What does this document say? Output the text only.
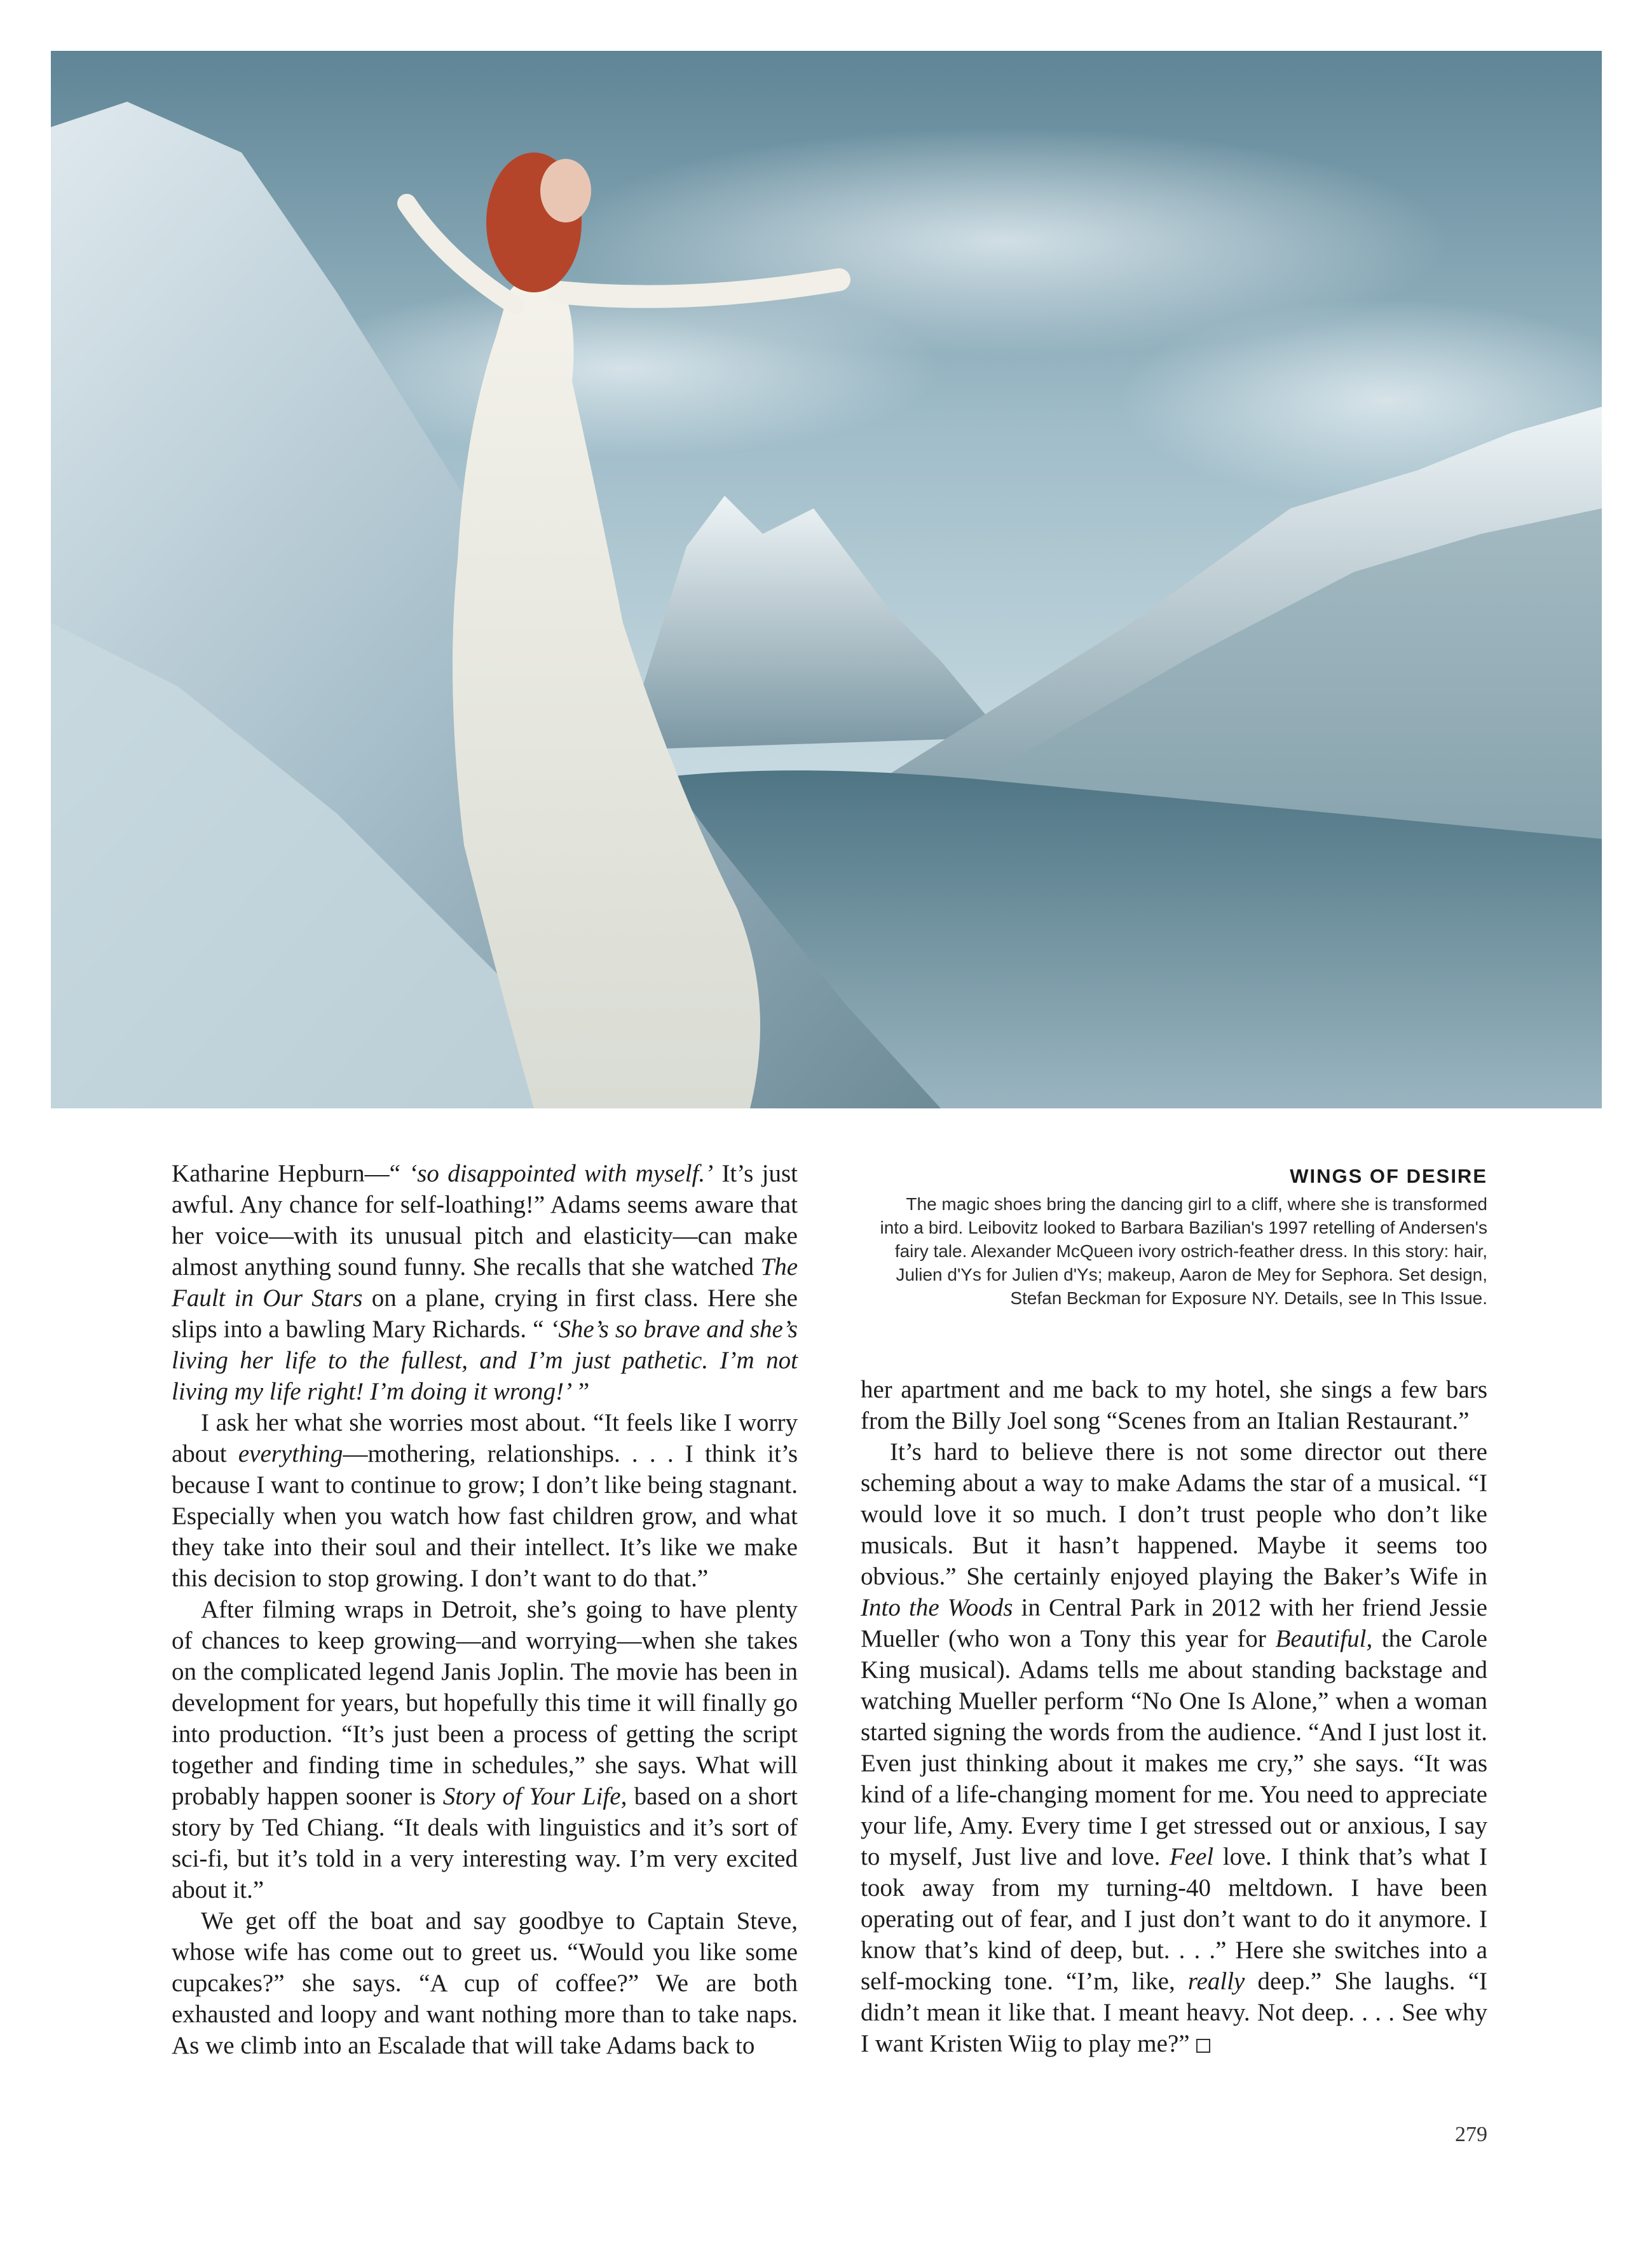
Katharine Hepburn—“ ‘so disappointed with myself.’ It’s just awful. Any chance for self-loathing!” Adams seems aware that her voice—with its unusual pitch and elasticity—can make almost anything sound funny. She recalls that she watched The Fault in Our Stars on a plane, crying in first class. Here she slips into a bawling Mary Richards. “ ‘She’s so brave and she’s living her life to the fullest, and I’m just pathetic. I’m not living my life right! I’m doing it wrong!’ ”

I ask her what she worries most about. “It feels like I worry about everything—mothering, relationships. . . . I think it’s because I want to continue to grow; I don’t like being stagnant. Especially when you watch how fast children grow, and what they take into their soul and their intellect. It’s like we make this decision to stop growing. I don’t want to do that.”

After filming wraps in Detroit, she’s going to have plenty of chances to keep growing—and worrying—when she takes on the complicated legend Janis Joplin. The movie has been in development for years, but hopefully this time it will finally go into production. “It’s just been a process of getting the script together and finding time in schedules,” she says. What will probably happen sooner is Story of Your Life, based on a short story by Ted Chiang. “It deals with linguistics and it’s sort of sci-fi, but it’s told in a very interesting way. I’m very excited about it.”

We get off the boat and say goodbye to Captain Steve, whose wife has come out to greet us. “Would you like some cupcakes?” she says. “A cup of coffee?” We are both exhausted and loopy and want nothing more than to take naps. As we climb into an Escalade that will take Adams back to

WINGS OF DESIRE
The magic shoes bring the dancing girl to a cliff, where she is transformed into a bird. Leibovitz looked to Barbara Bazilian's 1997 retelling of Andersen's fairy tale. Alexander McQueen ivory ostrich-feather dress. In this story: hair, Julien d'Ys for Julien d'Ys; makeup, Aaron de Mey for Sephora. Set design, Stefan Beckman for Exposure NY. Details, see In This Issue.

her apartment and me back to my hotel, she sings a few bars from the Billy Joel song “Scenes from an Italian Restaurant.”

It’s hard to believe there is not some director out there scheming about a way to make Adams the star of a musical. “I would love it so much. I don’t trust people who don’t like musicals. But it hasn’t happened. Maybe it seems too obvious.” She certainly enjoyed playing the Baker’s Wife in Into the Woods in Central Park in 2012 with her friend Jessie Mueller (who won a Tony this year for Beautiful, the Carole King musical). Adams tells me about standing backstage and watching Mueller perform “No One Is Alone,” when a woman started signing the words from the audience. “And I just lost it. Even just thinking about it makes me cry,” she says. “It was kind of a life-changing moment for me. You need to appreciate your life, Amy. Every time I get stressed out or anxious, I say to myself, Just live and love. Feel love. I think that’s what I took away from my turning-40 meltdown. I have been operating out of fear, and I just don’t want to do it anymore. I know that’s kind of deep, but. . . .” Here she switches into a self-mocking tone. “I’m, like, really deep.” She laughs. “I didn’t mean it like that. I meant heavy. Not deep. . . . See why I want Kristen Wiig to play me?”

279
